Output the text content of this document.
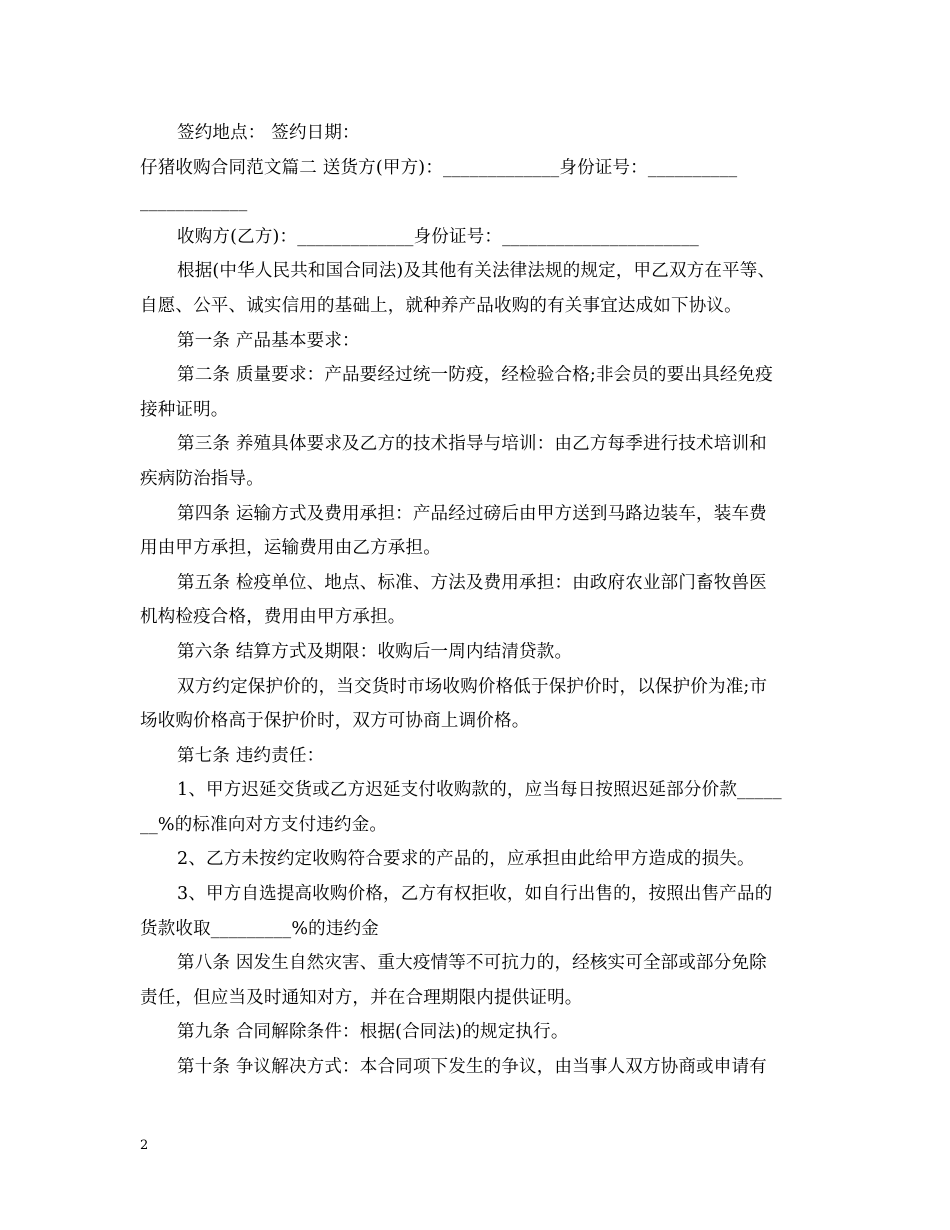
签约地点： 签约日期：
仔猪收购合同范文篇二 送货方(甲方)：_____________身份证号：__________
____________
收购方(乙方)：_____________身份证号：______________________
根据(中华人民共和国合同法)及其他有关法律法规的规定，甲乙双方在平等、
自愿、公平、诚实信用的基础上，就种养产品收购的有关事宜达成如下协议。
第一条 产品基本要求：
第二条 质量要求：产品要经过统一防疫，经检验合格;非会员的要出具经免疫
接种证明。
第三条 养殖具体要求及乙方的技术指导与培训：由乙方每季进行技术培训和
疾病防治指导。
第四条 运输方式及费用承担：产品经过磅后由甲方送到马路边装车，装车费
用由甲方承担，运输费用由乙方承担。
第五条 检疫单位、地点、标准、方法及费用承担：由政府农业部门畜牧兽医
机构检疫合格，费用由甲方承担。
第六条 结算方式及期限：收购后一周内结清贷款。
双方约定保护价的，当交货时市场收购价格低于保护价时，以保护价为准;市
场收购价格高于保护价时，双方可协商上调价格。
第七条 违约责任：
1、甲方迟延交货或乙方迟延支付收购款的，应当每日按照迟延部分价款_____
__%的标准向对方支付违约金。
2、乙方未按约定收购符合要求的产品的，应承担由此给甲方造成的损失。
3、甲方自选提高收购价格，乙方有权拒收，如自行出售的，按照出售产品的
货款收取_________%的违约金
第八条 因发生自然灾害、重大疫情等不可抗力的，经核实可全部或部分免除
责任，但应当及时通知对方，并在合理期限内提供证明。
第九条 合同解除条件：根据(合同法)的规定执行。
第十条 争议解决方式：本合同项下发生的争议，由当事人双方协商或申请有
2
